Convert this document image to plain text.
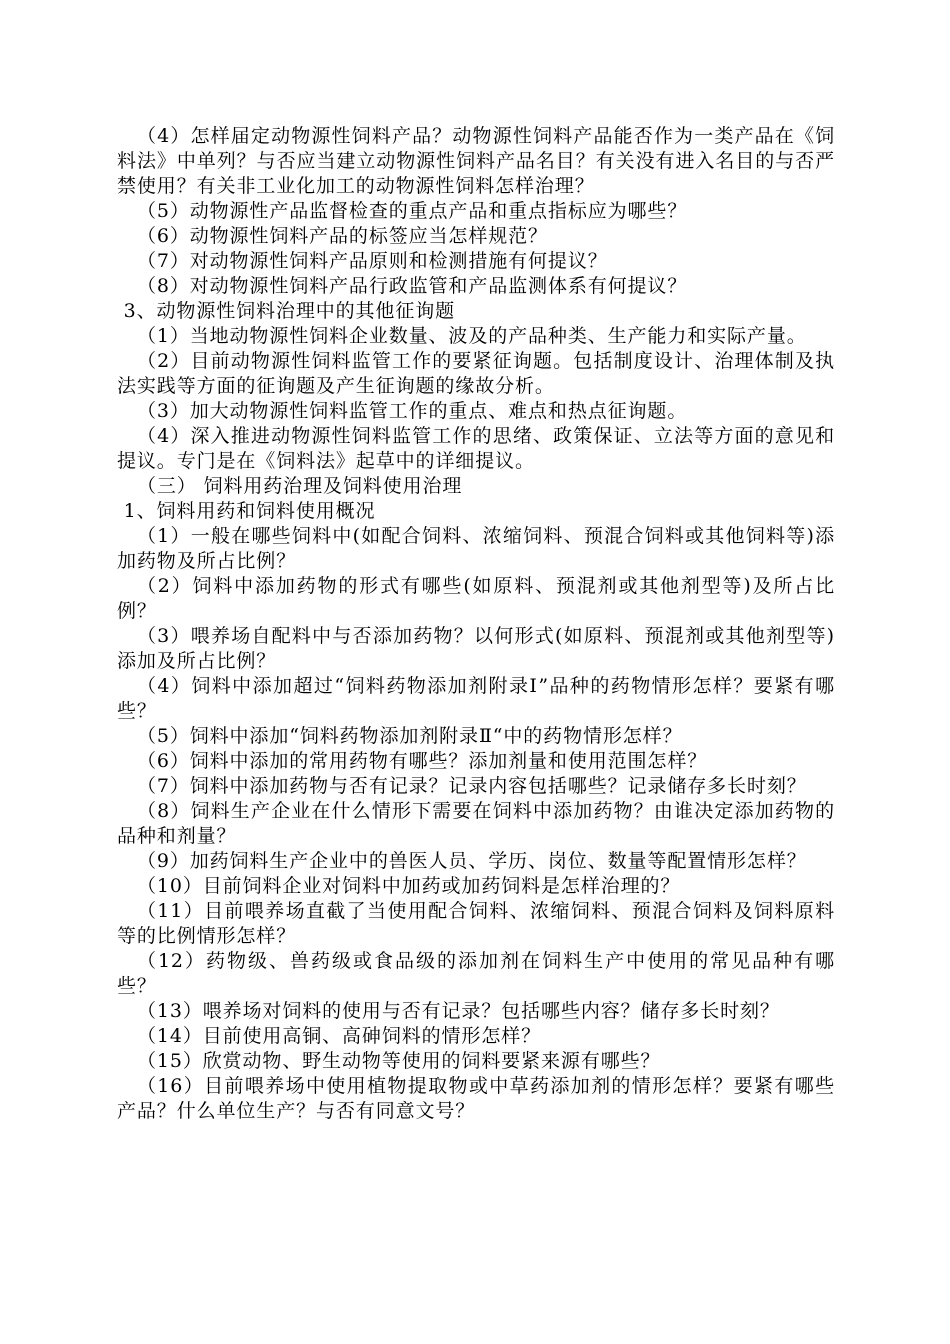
（4）怎样届定动物源性饲料产品？动物源性饲料产品能否作为一类产品在《饲料法》中单列？与否应当建立动物源性饲料产品名目？有关没有进入名目的与否严禁使用？有关非工业化加工的动物源性饲料怎样治理？

（5）动物源性产品监督检查的重点产品和重点指标应为哪些？

（6）动物源性饲料产品的标签应当怎样规范？

（7）对动物源性饲料产品原则和检测措施有何提议？

（8）对动物源性饲料产品行政监管和产品监测体系有何提议？

3、动物源性饲料治理中的其他征询题

（1）当地动物源性饲料企业数量、波及的产品种类、生产能力和实际产量。

（2）目前动物源性饲料监管工作的要紧征询题。包括制度设计、治理体制及执法实践等方面的征询题及产生征询题的缘故分析。

（3）加大动物源性饲料监管工作的重点、难点和热点征询题。

（4）深入推进动物源性饲料监管工作的思绪、政策保证、立法等方面的意见和提议。专门是在《饲料法》起草中的详细提议。

（三） 饲料用药治理及饲料使用治理

1、饲料用药和饲料使用概况

（1）一般在哪些饲料中(如配合饲料、浓缩饲料、预混合饲料或其他饲料等)添加药物及所占比例？

（2）饲料中添加药物的形式有哪些(如原料、预混剂或其他剂型等)及所占比例？

（3）喂养场自配料中与否添加药物？以何形式(如原料、预混剂或其他剂型等) 添加及所占比例？

（4）饲料中添加超过“饲料药物添加剂附录Ⅰ”品种的药物情形怎样？要紧有哪些？

（5）饲料中添加“饲料药物添加剂附录Ⅱ“中的药物情形怎样？

（6）饲料中添加的常用药物有哪些？添加剂量和使用范围怎样？

（7）饲料中添加药物与否有记录？记录内容包括哪些？记录储存多长时刻？

（8）饲料生产企业在什么情形下需要在饲料中添加药物？由谁决定添加药物的品种和剂量？

（9）加药饲料生产企业中的兽医人员、学历、岗位、数量等配置情形怎样？

（10）目前饲料企业对饲料中加药或加药饲料是怎样治理的？

（11）目前喂养场直截了当使用配合饲料、浓缩饲料、预混合饲料及饲料原料等的比例情形怎样？

（12）药物级、兽药级或食品级的添加剂在饲料生产中使用的常见品种有哪些？

（13）喂养场对饲料的使用与否有记录？包括哪些内容？储存多长时刻？

（14）目前使用高铜、高砷饲料的情形怎样？

（15）欣赏动物、野生动物等使用的饲料要紧来源有哪些？

（16）目前喂养场中使用植物提取物或中草药添加剂的情形怎样？要紧有哪些产品？什么单位生产？与否有同意文号？
